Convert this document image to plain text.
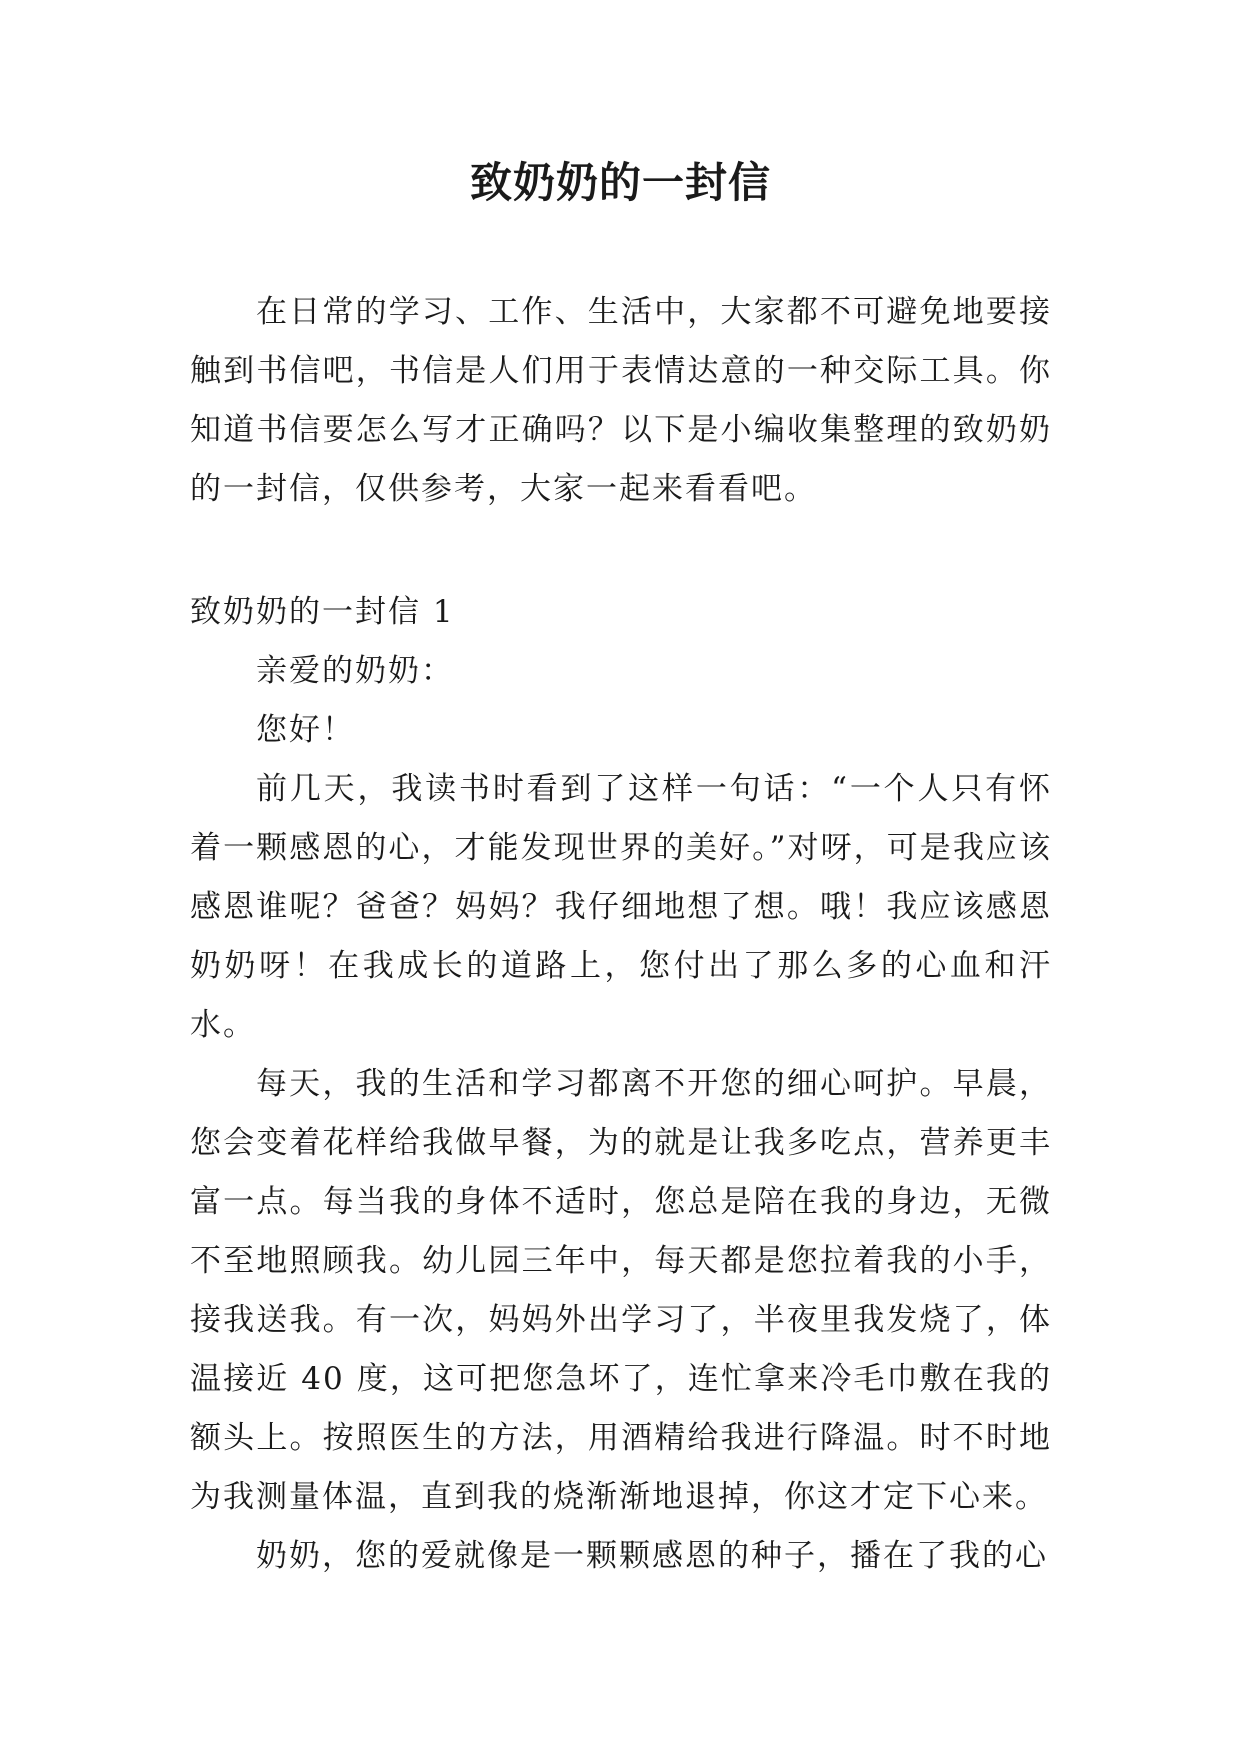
致奶奶的一封信

在日常的学习、工作、生活中，大家都不可避免地要接触到书信吧，书信是人们用于表情达意的一种交际工具。你知道书信要怎么写才正确吗？以下是小编收集整理的致奶奶的一封信，仅供参考，大家一起来看看吧。

致奶奶的一封信 1

亲爱的奶奶：

您好！

前几天，我读书时看到了这样一句话：“一个人只有怀着一颗感恩的心，才能发现世界的美好。”对呀，可是我应该感恩谁呢？爸爸？妈妈？我仔细地想了想。哦！我应该感恩奶奶呀！在我成长的道路上，您付出了那么多的心血和汗水。

每天，我的生活和学习都离不开您的细心呵护。早晨，您会变着花样给我做早餐，为的就是让我多吃点，营养更丰富一点。每当我的身体不适时，您总是陪在我的身边，无微不至地照顾我。幼儿园三年中，每天都是您拉着我的小手，接我送我。有一次，妈妈外出学习了，半夜里我发烧了，体温接近 40 度，这可把您急坏了，连忙拿来冷毛巾敷在我的额头上。按照医生的方法，用酒精给我进行降温。时不时地为我测量体温，直到我的烧渐渐地退掉，你这才定下心来。

奶奶，您的爱就像是一颗颗感恩的种子，播在了我的心
